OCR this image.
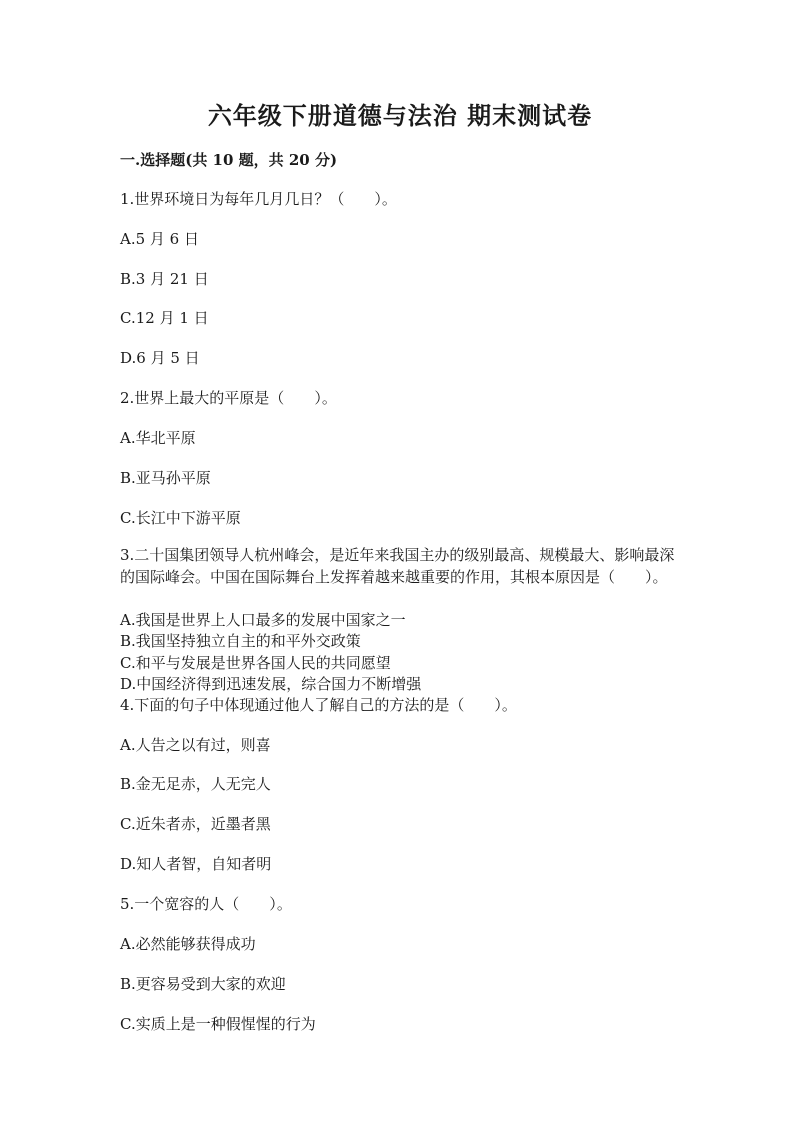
六年级下册道德与法治 期末测试卷

一.选择题(共 10 题，共 20 分)

1.世界环境日为每年几月几日？（　　）。

A.5 月 6 日

B.3 月 21 日

C.12 月 1 日

D.6 月 5 日

2.世界上最大的平原是（　　）。

A.华北平原

B.亚马孙平原

C.长江中下游平原

3.二十国集团领导人杭州峰会，是近年来我国主办的级别最高、规模最大、影响最深的国际峰会。中国在国际舞台上发挥着越来越重要的作用，其根本原因是（　　）。

A.我国是世界上人口最多的发展中国家之一

B.我国坚持独立自主的和平外交政策

C.和平与发展是世界各国人民的共同愿望

D.中国经济得到迅速发展，综合国力不断增强

4.下面的句子中体现通过他人了解自己的方法的是（　　）。

A.人告之以有过，则喜

B.金无足赤，人无完人

C.近朱者赤，近墨者黑

D.知人者智，自知者明

5.一个宽容的人（　　）。

A.必然能够获得成功

B.更容易受到大家的欢迎

C.实质上是一种假惺惺的行为
